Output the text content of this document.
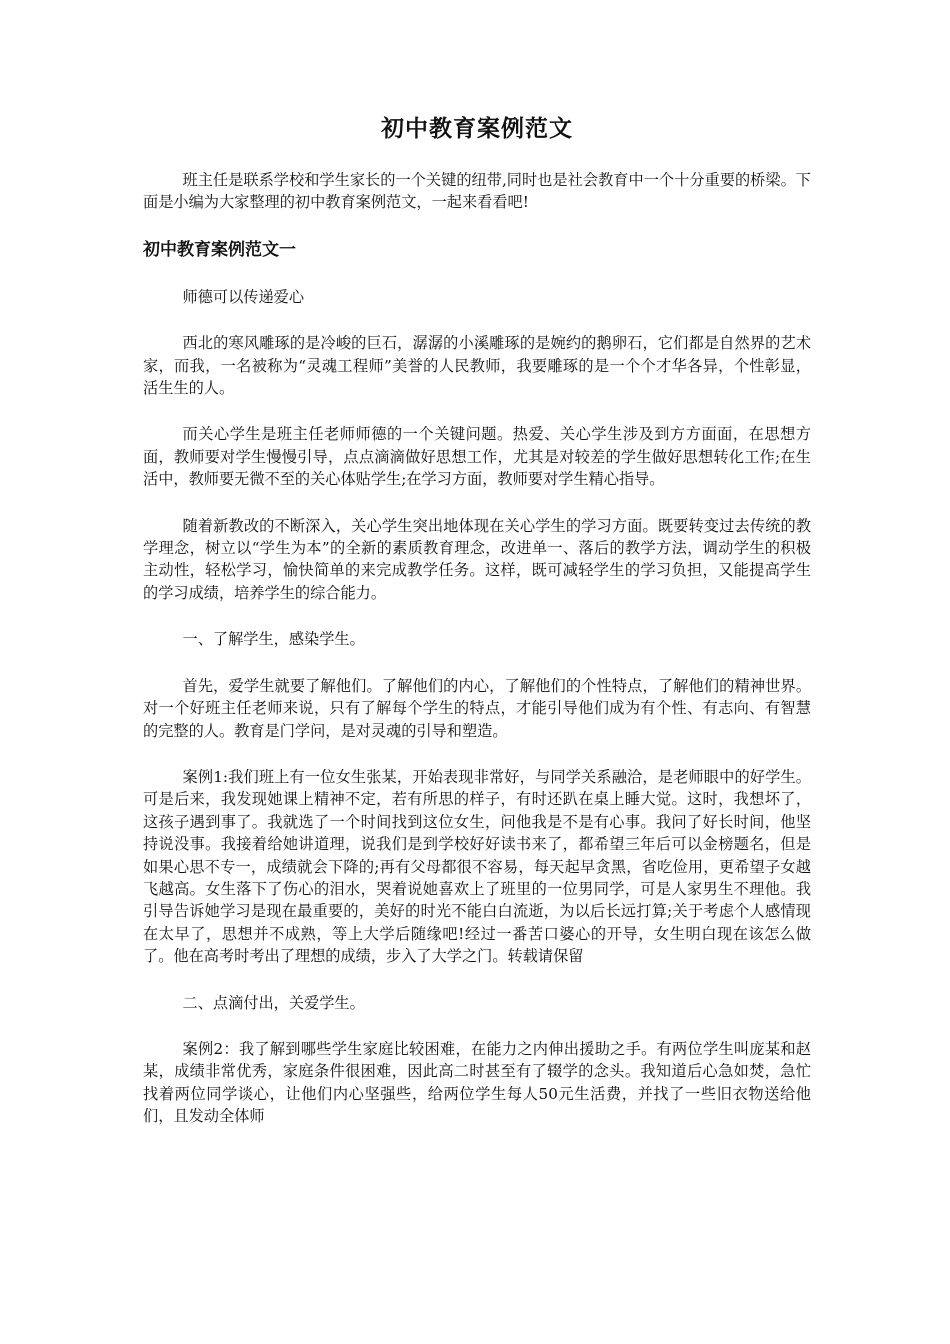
初中教育案例范文

班主任是联系学校和学生家长的一个关键的纽带,同时也是社会教育中一个十分重要的桥梁。下面是小编为大家整理的初中教育案例范文，一起来看看吧!

初中教育案例范文一

师德可以传递爱心

西北的寒风雕琢的是冷峻的巨石，潺潺的小溪雕琢的是婉约的鹅卵石，它们都是自然界的艺术家，而我，一名被称为“灵魂工程师”美誉的人民教师，我要雕琢的是一个个才华各异，个性彰显，活生生的人。

而关心学生是班主任老师师德的一个关键问题。热爱、关心学生涉及到方方面面，在思想方面，教师要对学生慢慢引导，点点滴滴做好思想工作，尤其是对较差的学生做好思想转化工作;在生活中，教师要无微不至的关心体贴学生;在学习方面，教师要对学生精心指导。

随着新教改的不断深入，关心学生突出地体现在关心学生的学习方面。既要转变过去传统的教学理念，树立以“学生为本”的全新的素质教育理念，改进单一、落后的教学方法，调动学生的积极主动性，轻松学习，愉快简单的来完成教学任务。这样，既可减轻学生的学习负担，又能提高学生的学习成绩，培养学生的综合能力。

一、了解学生，感染学生。

首先，爱学生就要了解他们。了解他们的内心，了解他们的个性特点，了解他们的精神世界。对一个好班主任老师来说，只有了解每个学生的特点，才能引导他们成为有个性、有志向、有智慧的完整的人。教育是门学问，是对灵魂的引导和塑造。

案例1:我们班上有一位女生张某，开始表现非常好，与同学关系融洽，是老师眼中的好学生。可是后来，我发现她课上精神不定，若有所思的样子，有时还趴在桌上睡大觉。这时，我想坏了，这孩子遇到事了。我就选了一个时间找到这位女生，问他我是不是有心事。我问了好长时间，他坚持说没事。我接着给她讲道理，说我们是到学校好好读书来了，都希望三年后可以金榜题名，但是如果心思不专一，成绩就会下降的;再有父母都很不容易，每天起早贪黑，省吃俭用，更希望子女越飞越高。女生落下了伤心的泪水，哭着说她喜欢上了班里的一位男同学，可是人家男生不理他。我引导告诉她学习是现在最重要的，美好的时光不能白白流逝，为以后长远打算;关于考虑个人感情现在太早了，思想并不成熟，等上大学后随缘吧!经过一番苦口婆心的开导，女生明白现在该怎么做了。他在高考时考出了理想的成绩，步入了大学之门。转载请保留

二、点滴付出，关爱学生。

案例2：我了解到哪些学生家庭比较困难，在能力之内伸出援助之手。有两位学生叫庞某和赵某，成绩非常优秀，家庭条件很困难，因此高二时甚至有了辍学的念头。我知道后心急如焚，急忙找着两位同学谈心，让他们内心坚强些，给两位学生每人50元生活费，并找了一些旧衣物送给他们，且发动全体师
